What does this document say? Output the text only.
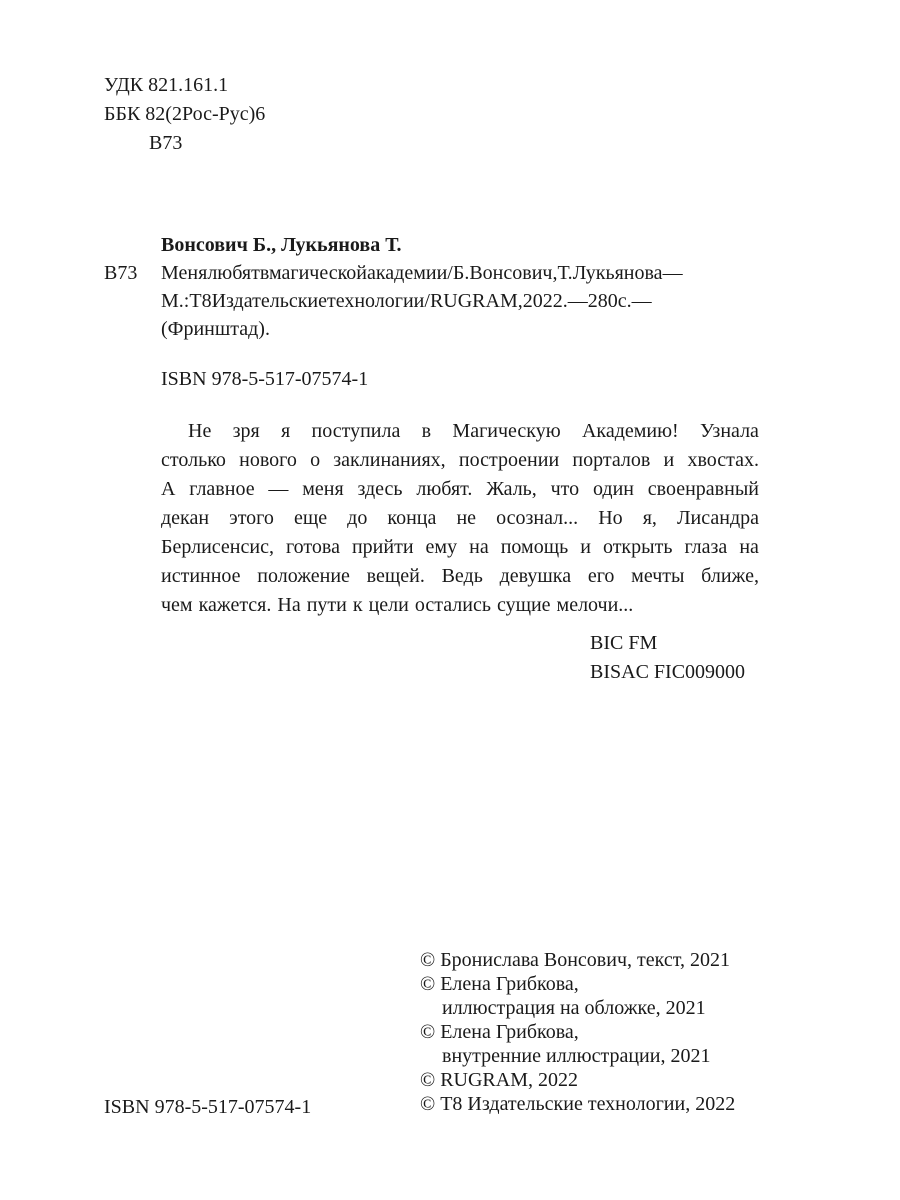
УДК 821.161.1
ББК 82(2Рос-Рус)6
В73
Вонсович Б., Лукьянова Т.
В73 Менялюбятвмагическойакадемии/Б.Вонсович,Т.Лукьянова—
М.:Т8Издательскиетехнологии/RUGRAM,2022.—280с.—
(Фринштад).
ISBN 978-5-517-07574-1
Не зря я поступила в Магическую Академию! Узнала
столько нового о заклинаниях, построении порталов и хвостах.
А главное — меня здесь любят. Жаль, что один своенравный
декан этого еще до конца не осознал... Но я, Лисандра
Берлисенсис, готова прийти ему на помощь и открыть глаза на
истинное положение вещей. Ведь девушка его мечты ближе,
чем кажется. На пути к цели остались сущие мелочи...
BIC FM
BISAC FIC009000
© Бронислава Вонсович, текст, 2021
© Елена Грибкова,
иллюстрация на обложке, 2021
© Елена Грибкова,
внутренние иллюстрации, 2021
© RUGRAM, 2022
© Т8 Издательские технологии, 2022
ISBN 978-5-517-07574-1
